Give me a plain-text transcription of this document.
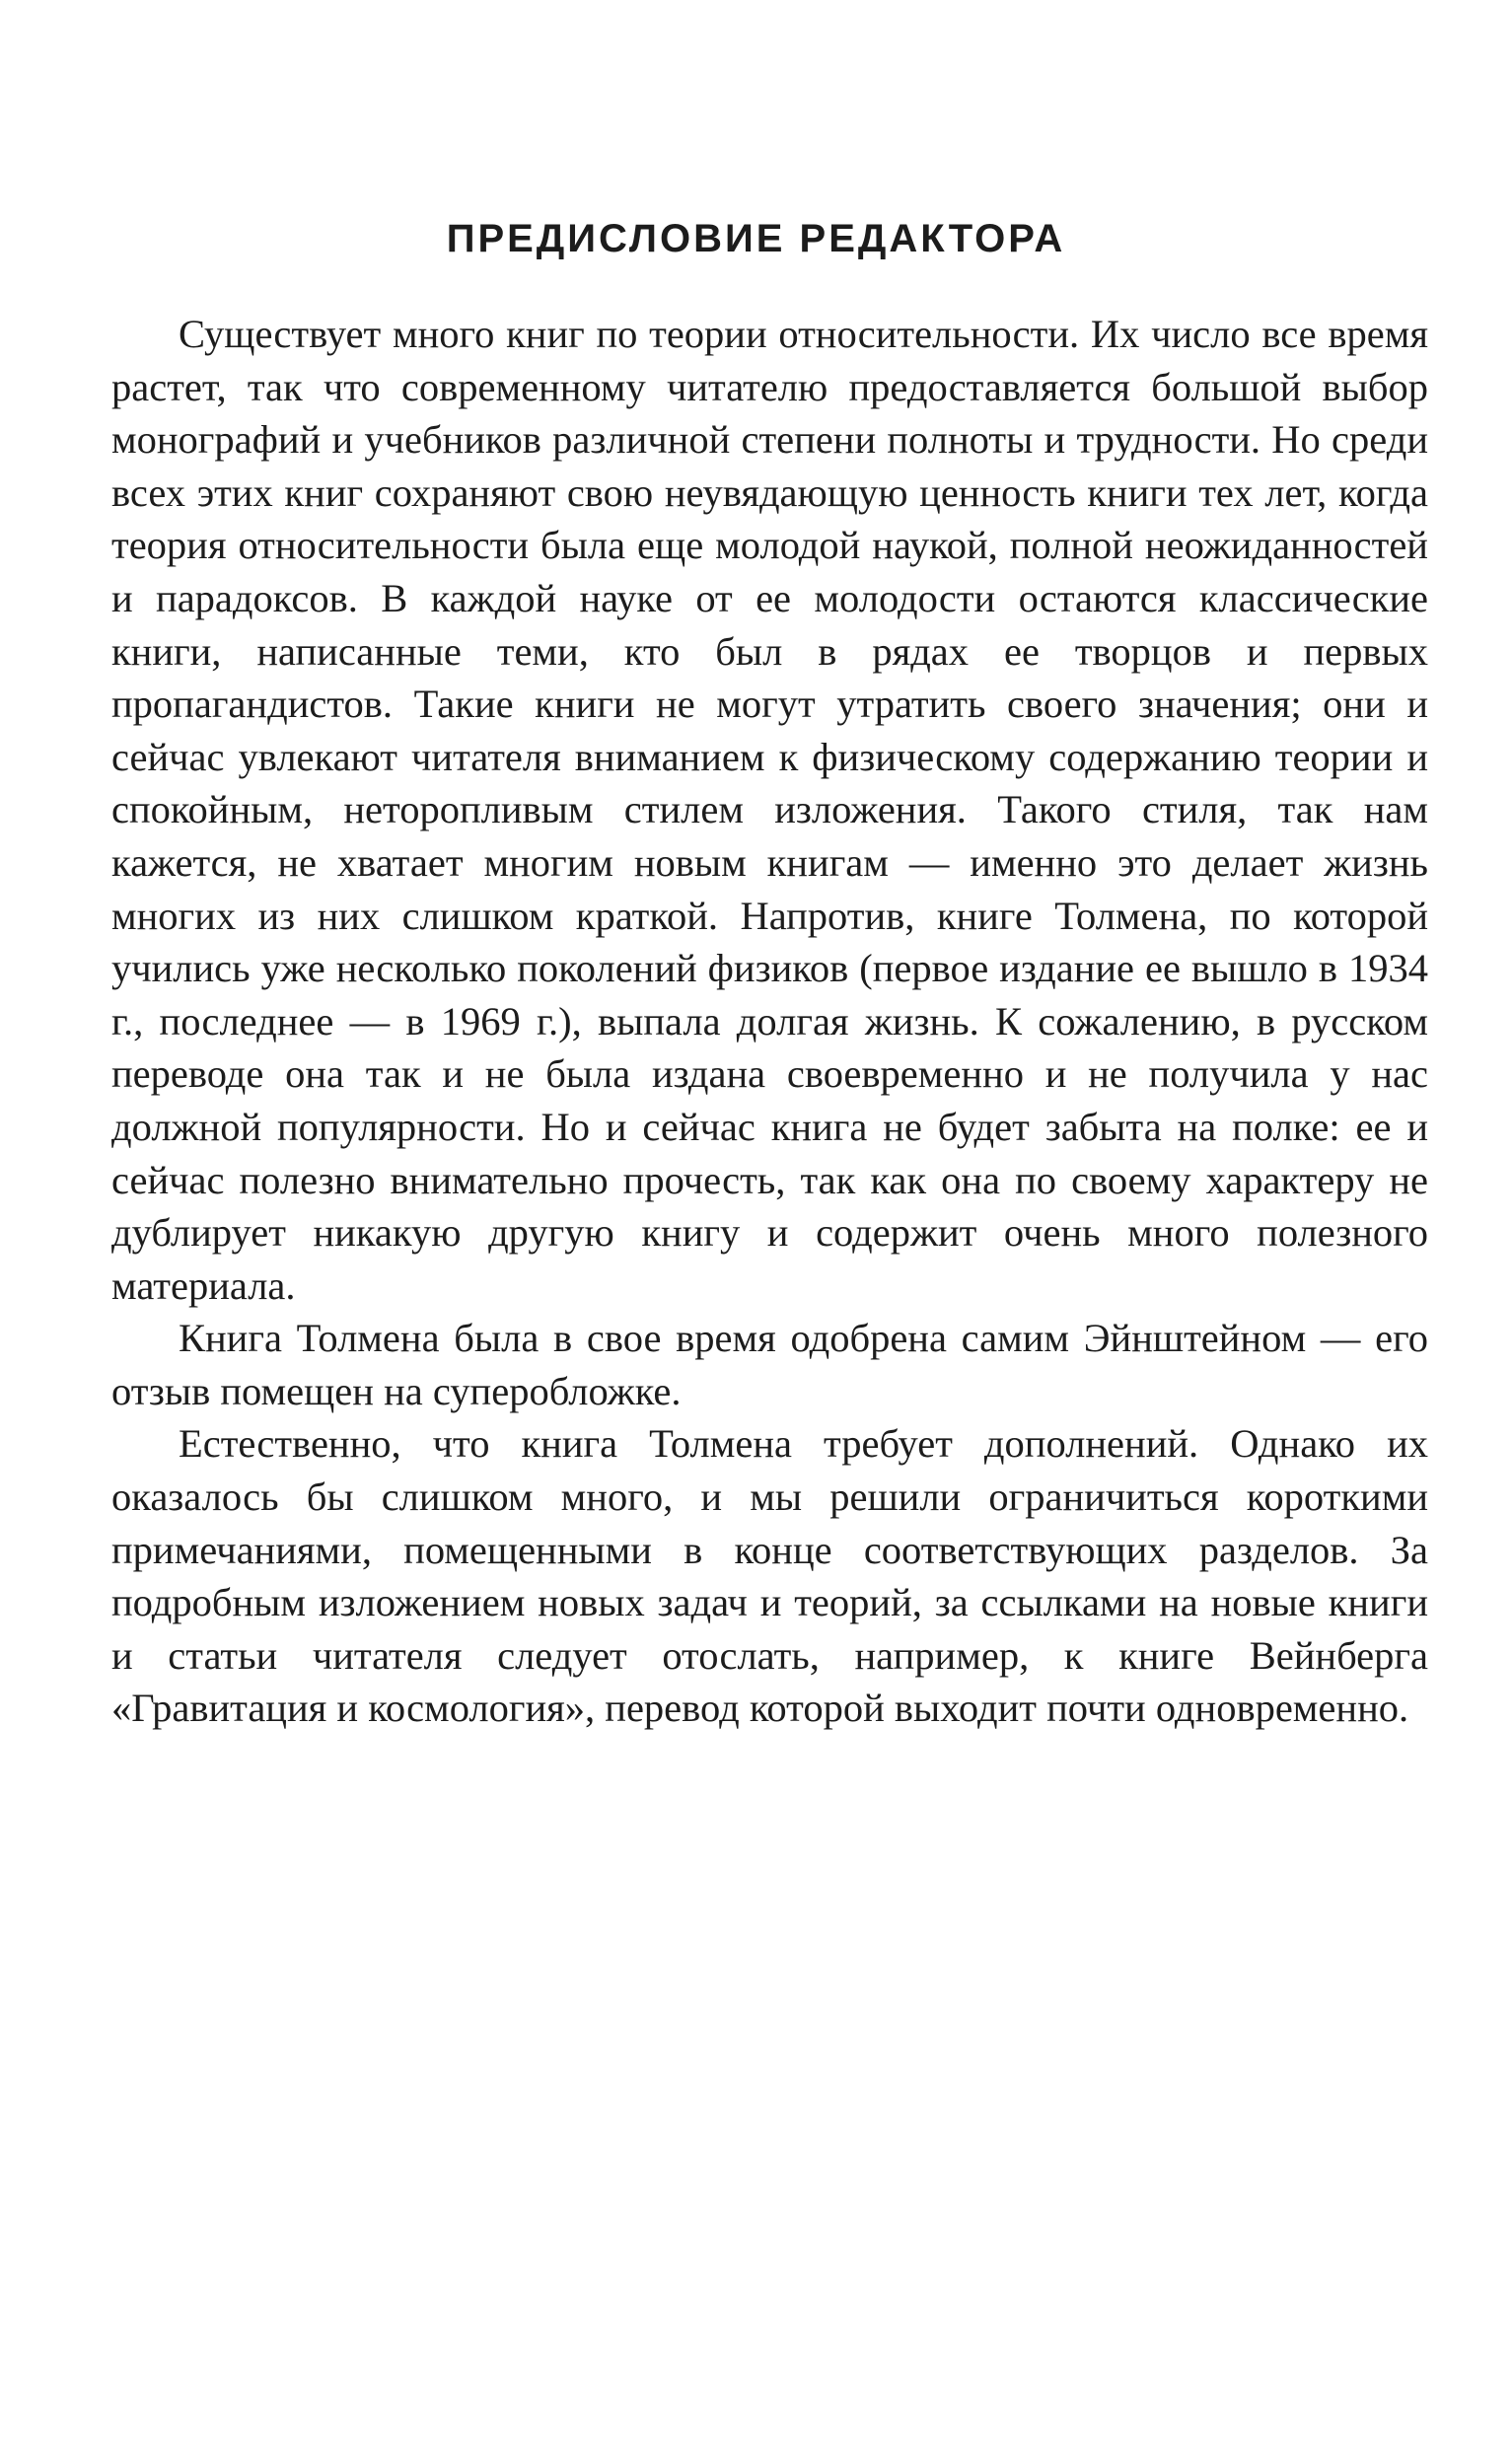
ПРЕДИСЛОВИЕ РЕДАКТОРА

Существует много книг по теории относительности. Их число все время растет, так что современному читателю предоставляется большой выбор монографий и учебников различной степени полноты и трудности. Но среди всех этих книг сохраняют свою неувядающую ценность книги тех лет, когда теория относительности была еще молодой наукой, полной неожиданностей и парадоксов. В каждой науке от ее молодости остаются классические книги, написанные теми, кто был в рядах ее творцов и первых пропагандистов. Такие книги не могут утратить своего значения; они и сейчас увлекают читателя вниманием к физическому содержанию теории и спокойным, неторопливым стилем изложения. Такого стиля, так нам кажется, не хватает многим новым книгам — именно это делает жизнь многих из них слишком краткой. Напротив, книге Толмена, по которой учились уже несколько поколений физиков (первое издание ее вышло в 1934 г., последнее — в 1969 г.), выпала долгая жизнь. К сожалению, в русском переводе она так и не была издана своевременно и не получила у нас должной популярности. Но и сейчас книга не будет забыта на полке: ее и сейчас полезно внимательно прочесть, так как она по своему характеру не дублирует никакую другую книгу и содержит очень много полезного материала.

Книга Толмена была в свое время одобрена самим Эйнштейном — его отзыв помещен на суперобложке.

Естественно, что книга Толмена требует дополнений. Однако их оказалось бы слишком много, и мы решили ограничиться короткими примечаниями, помещенными в конце соответствующих разделов. За подробным изложением новых задач и теорий, за ссылками на новые книги и статьи читателя следует отослать, например, к книге Вейнберга «Гравитация и космология», перевод которой выходит почти одновременно.
